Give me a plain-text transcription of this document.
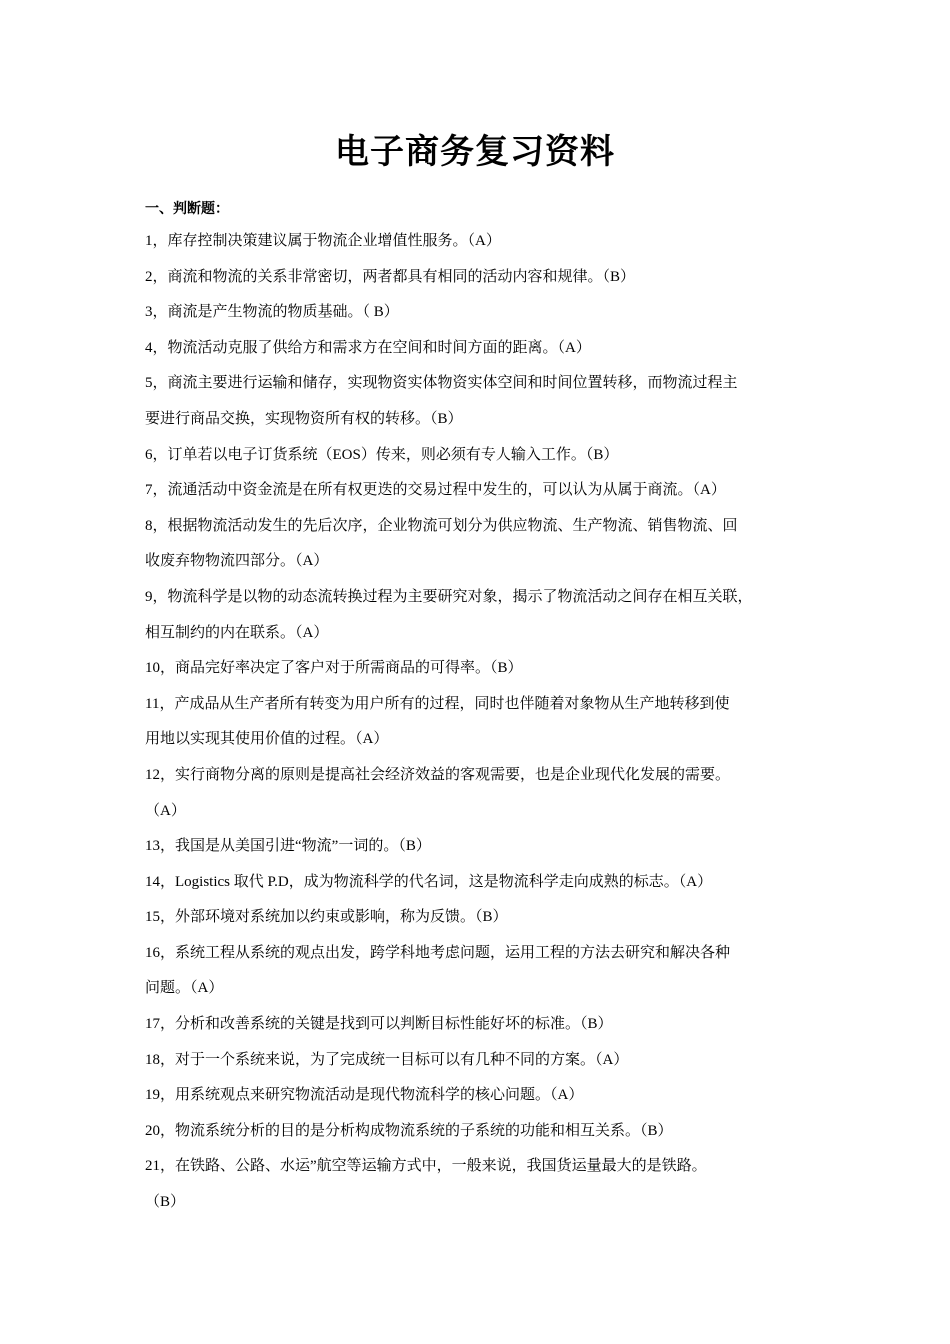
电子商务复习资料
一、判断题：
1，库存控制决策建议属于物流企业增值性服务。（A）
2，商流和物流的关系非常密切，两者都具有相同的活动内容和规律。（B）
3，商流是产生物流的物质基础。（ B）
4，物流活动克服了供给方和需求方在空间和时间方面的距离。（A）
5，商流主要进行运输和储存，实现物资实体物资实体空间和时间位置转移，而物流过程主
要进行商品交换，实现物资所有权的转移。（B）
6，订单若以电子订货系统（EOS）传来，则必须有专人输入工作。（B）
7，流通活动中资金流是在所有权更迭的交易过程中发生的，可以认为从属于商流。（A）
8，根据物流活动发生的先后次序，企业物流可划分为供应物流、生产物流、销售物流、回
收废弃物物流四部分。（A）
9，物流科学是以物的动态流转换过程为主要研究对象，揭示了物流活动之间存在相互关联，
相互制约的内在联系。（A）
10，商品完好率决定了客户对于所需商品的可得率。（B）
11，产成品从生产者所有转变为用户所有的过程，同时也伴随着对象物从生产地转移到使
用地以实现其使用价值的过程。（A）
12，实行商物分离的原则是提高社会经济效益的客观需要，也是企业现代化发展的需要。
（A）
13，我国是从美国引进“物流”一词的。（B）
14，Logistics 取代 P.D，成为物流科学的代名词，这是物流科学走向成熟的标志。（A）
15，外部环境对系统加以约束或影响，称为反馈。（B）
16，系统工程从系统的观点出发，跨学科地考虑问题，运用工程的方法去研究和解决各种
问题。（A）
17，分析和改善系统的关键是找到可以判断目标性能好坏的标准。（B）
18，对于一个系统来说，为了完成统一目标可以有几种不同的方案。（A）
19，用系统观点来研究物流活动是现代物流科学的核心问题。（A）
20，物流系统分析的目的是分析构成物流系统的子系统的功能和相互关系。（B）
21，在铁路、公路、水运”航空等运输方式中，一般来说，我国货运量最大的是铁路。
（B）
